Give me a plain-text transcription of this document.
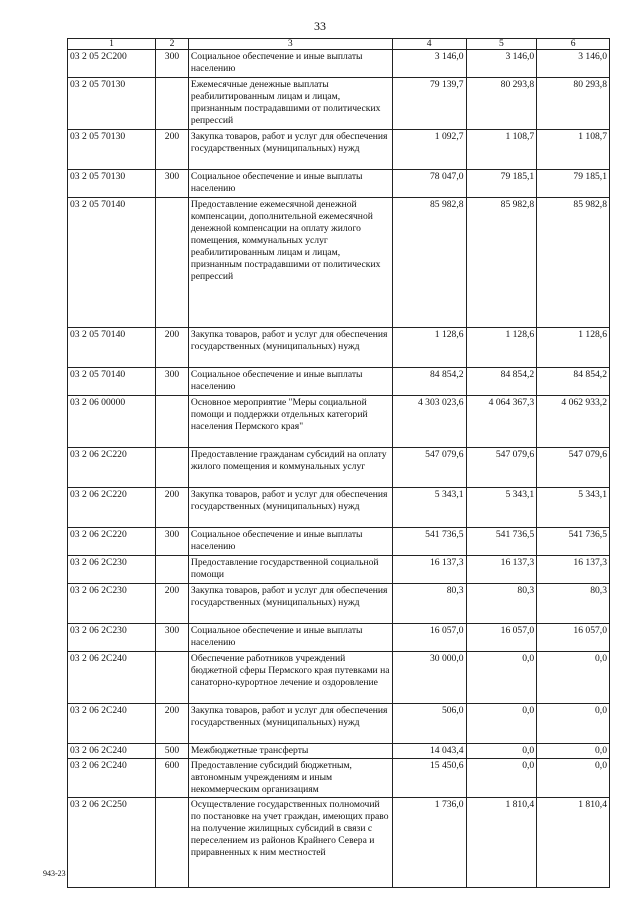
33
1	2	3	4	5	6
03 2 05 2С200	300	Социальное обеспечение и иные выплаты населению	3 146,0	3 146,0	3 146,0
03 2 05 70130		Ежемесячные денежные выплаты реабилитированным лицам и лицам, признанным пострадавшими от политических репрессий	79 139,7	80 293,8	80 293,8
03 2 05 70130	200	Закупка товаров, работ и услуг для обеспечения государственных (муниципальных) нужд	1 092,7	1 108,7	1 108,7
03 2 05 70130	300	Социальное обеспечение и иные выплаты населению	78 047,0	79 185,1	79 185,1
03 2 05 70140		Предоставление ежемесячной денежной компенсации, дополнительной ежемесячной денежной компенсации на оплату жилого помещения, коммунальных услуг реабилитированным лицам и лицам, признанным пострадавшими от политических репрессий	85 982,8	85 982,8	85 982,8
03 2 05 70140	200	Закупка товаров, работ и услуг для обеспечения государственных (муниципальных) нужд	1 128,6	1 128,6	1 128,6
03 2 05 70140	300	Социальное обеспечение и иные выплаты населению	84 854,2	84 854,2	84 854,2
03 2 06 00000		Основное мероприятие "Меры социальной помощи и поддержки отдельных категорий населения Пермского края"	4 303 023,6	4 064 367,3	4 062 933,2
03 2 06 2С220		Предоставление гражданам субсидий на оплату жилого помещения и коммунальных услуг	547 079,6	547 079,6	547 079,6
03 2 06 2С220	200	Закупка товаров, работ и услуг для обеспечения государственных (муниципальных) нужд	5 343,1	5 343,1	5 343,1
03 2 06 2С220	300	Социальное обеспечение и иные выплаты населению	541 736,5	541 736,5	541 736,5
03 2 06 2С230		Предоставление государственной социальной помощи	16 137,3	16 137,3	16 137,3
03 2 06 2С230	200	Закупка товаров, работ и услуг для обеспечения государственных (муниципальных) нужд	80,3	80,3	80,3
03 2 06 2С230	300	Социальное обеспечение и иные выплаты населению	16 057,0	16 057,0	16 057,0
03 2 06 2С240		Обеспечение работников учреждений бюджетной сферы Пермского края путевками на санаторно-курортное лечение и оздоровление	30 000,0	0,0	0,0
03 2 06 2С240	200	Закупка товаров, работ и услуг для обеспечения государственных (муниципальных) нужд	506,0	0,0	0,0
03 2 06 2С240	500	Межбюджетные трансферты	14 043,4	0,0	0,0
03 2 06 2С240	600	Предоставление субсидий бюджетным, автономным учреждениям и иным некоммерческим организациям	15 450,6	0,0	0,0
03 2 06 2С250		Осуществление государственных полномочий по постановке на учет граждан, имеющих право на получение жилищных субсидий в связи с переселением из районов Крайнего Севера и приравненных к ним местностей	1 736,0	1 810,4	1 810,4
943-23
